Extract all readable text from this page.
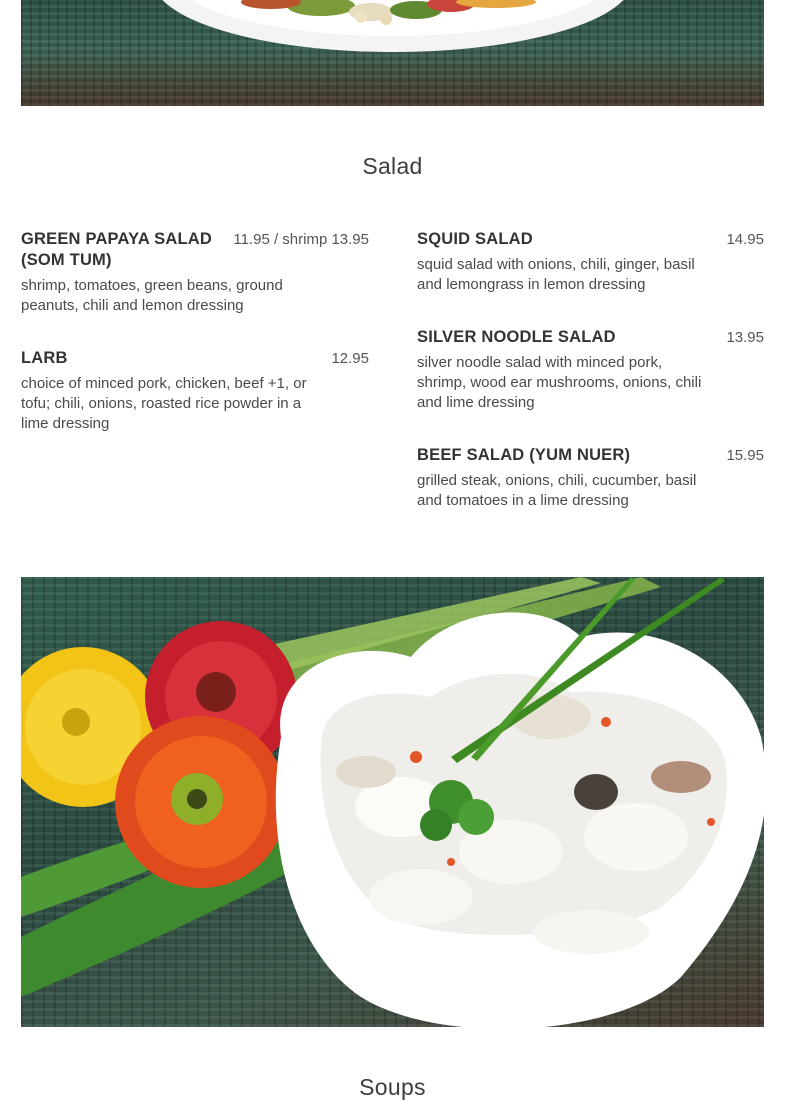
Salad
GREEN PAPAYA SALAD
(SOM TUM)
11.95 / shrimp 13.95
shrimp, tomatoes, green beans, ground
peanuts, chili and lemon dressing
LARB	12.95
choice of minced pork, chicken, beef +1, or
tofu; chili, onions, roasted rice powder in a
lime dressing
SQUID SALAD	14.95
squid salad with onions, chili, ginger, basil
and lemongrass in lemon dressing
SILVER NOODLE SALAD	13.95
silver noodle salad with minced pork,
shrimp, wood ear mushrooms, onions, chili
and lime dressing
BEEF SALAD (YUM NUER)	15.95
grilled steak, onions, chili, cucumber, basil
and tomatoes in a lime dressing
Soups
